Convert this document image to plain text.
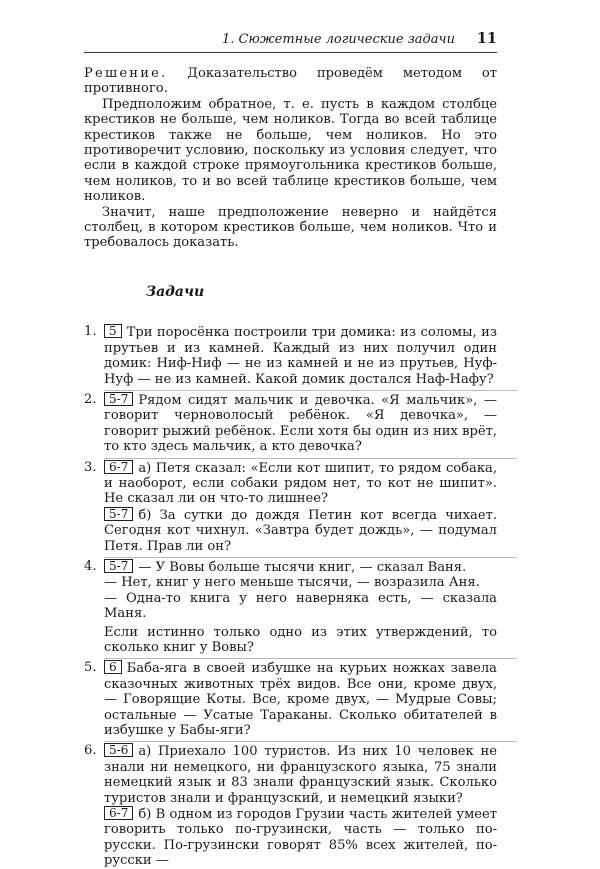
1. Сюжетные логические задачи 11

Решение. Доказательство проведём методом от противного.

Предположим обратное, т. е. пусть в каждом столбце крестиков не больше, чем ноликов. Тогда во всей таблице крестиков также не больше, чем ноликов. Но это противоречит условию, поскольку из условия следует, что если в каждой строке прямоугольника крестиков больше, чем ноликов, то и во всей таблице крестиков больше, чем ноликов.

Значит, наше предположение неверно и найдётся столбец, в котором крестиков больше, чем ноликов. Что и требовалось доказать.

Задачи
1.	5 Три поросёнка построили три домика: из соломы, из прутьев и из камней. Каждый из них получил один домик: Ниф-Ниф — не из камней и не из прутьев, Нуф-Нуф — не из камней. Какой домик достался Наф-Нафу?

2.	5-7 Рядом сидят мальчик и девочка. «Я мальчик», — говорит черноволосый ребёнок. «Я девочка», — говорит рыжий ребёнок. Если хотя бы один из них врёт, то кто здесь мальчик, а кто девочка?

3.	6-7 а) Петя сказал: «Если кот шипит, то рядом собака, и наоборот, если собаки рядом нет, то кот не шипит». Не сказал ли он что-то лишнее?

5-7 б) За сутки до дождя Петин кот всегда чихает. Сегодня кот чихнул. «Завтра будет дождь», — подумал Петя. Прав ли он?

4.	5-7 — У Вовы больше тысячи книг, — сказал Ваня.

— Нет, книг у него меньше тысячи, — возразила Аня.

— Одна-то книга у него наверняка есть, — сказала Маня.

Если истинно только одно из этих утверждений, то сколько книг у Вовы?

5.	6 Баба-яга в своей избушке на курьих ножках завела сказочных животных трёх видов. Все они, кроме двух, — Говорящие Коты. Все, кроме двух, — Мудрые Совы; остальные — Усатые Тараканы. Сколько обитателей в избушке у Бабы-яги?

6.	5-6 а) Приехало 100 туристов. Из них 10 человек не знали ни немецкого, ни французского языка, 75 знали немецкий язык и 83 знали французский язык. Сколько туристов знали и французский, и немецкий языки?

6-7 б) В одном из городов Грузии часть жителей умеет говорить только по-грузински, часть — только по-русски. По-грузински говорят 85% всех жителей, по-русски —
